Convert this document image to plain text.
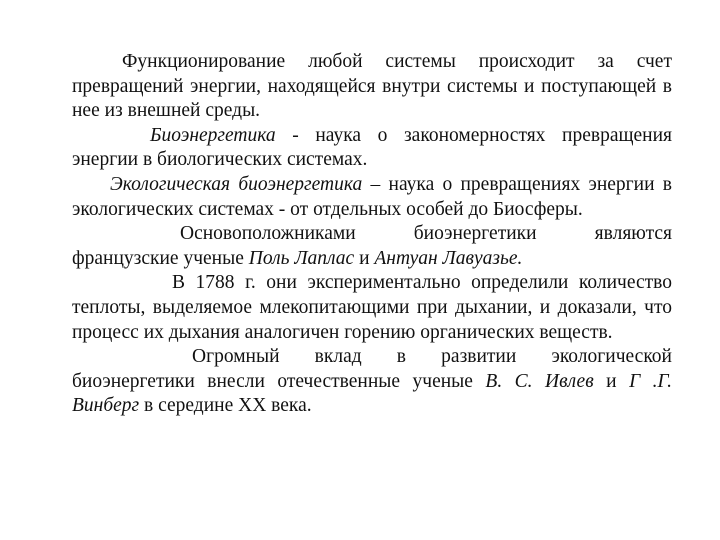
Функционирование любой системы происходит за счет превращений энергии, находящейся внутри системы и поступающей в нее из внешней среды.

Биоэнергетика - наука о закономерностях превращения энергии в биологических системах.

Экологическая биоэнергетика – наука о превращениях энергии в экологических системах - от отдельных особей до Биосферы.

Основоположниками биоэнергетики являются французские ученые Поль Лаплас и Антуан Лавуазье.

В 1788 г. они экспериментально определили количество теплоты, выделяемое млекопитающими при дыхании, и доказали, что процесс их дыхания аналогичен горению органических веществ.

Огромный вклад в развитии экологической биоэнергетики внесли отечественные ученые В. С. Ивлев и Г .Г. Винберг в середине XX века.
